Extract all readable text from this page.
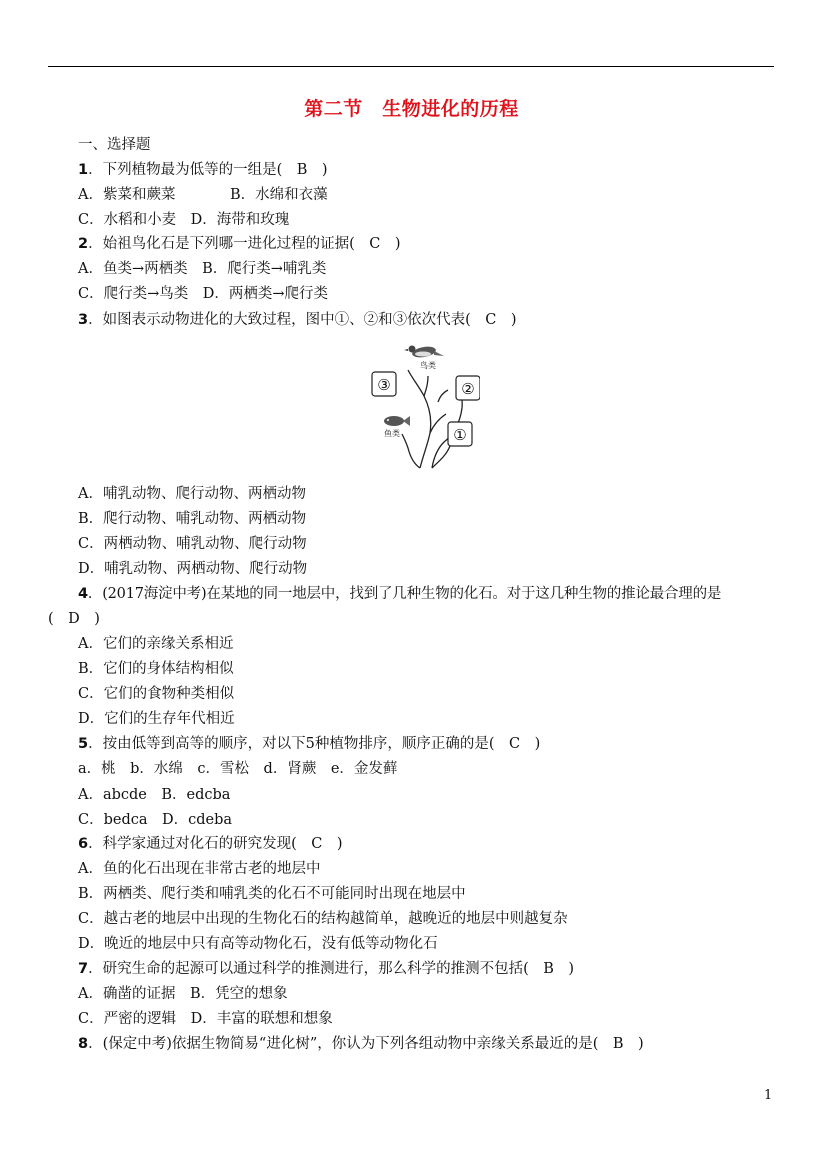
第二节　生物进化的历程
一、选择题
1．下列植物最为低等的一组是(　B　)
A．紫菜和蕨菜	B．水绵和衣藻
C．水稻和小麦　D．海带和玫瑰
2．始祖鸟化石是下列哪一进化过程的证据(　C　)
A．鱼类→两栖类　B．爬行类→哺乳类
C．爬行类→鸟类　D．两栖类→爬行类
3．如图表示动物进化的大致过程，图中①、②和③依次代表(　C　)
鸟类
鱼类
③	②
①
A．哺乳动物、爬行动物、两栖动物
B．爬行动物、哺乳动物、两栖动物
C．两栖动物、哺乳动物、爬行动物
D．哺乳动物、两栖动物、爬行动物
4．(2017海淀中考)在某地的同一地层中，找到了几种生物的化石。对于这几种生物的推论最合理的是
(　D　)
A．它们的亲缘关系相近
B．它们的身体结构相似
C．它们的食物种类相似
D．它们的生存年代相近
5．按由低等到高等的顺序，对以下5种植物排序，顺序正确的是(　C　)
a．桃　b．水绵　c．雪松　d．肾蕨　e．金发藓
A．abcde　B．edcba
C．bedca　D．cdeba
6．科学家通过对化石的研究发现(　C　)
A．鱼的化石出现在非常古老的地层中
B．两栖类、爬行类和哺乳类的化石不可能同时出现在地层中
C．越古老的地层中出现的生物化石的结构越简单，越晚近的地层中则越复杂
D．晚近的地层中只有高等动物化石，没有低等动物化石
7．研究生命的起源可以通过科学的推测进行，那么科学的推测不包括(　B　)
A．确凿的证据　B．凭空的想象
C．严密的逻辑　D．丰富的联想和想象
8．(保定中考)依据生物简易“进化树”，你认为下列各组动物中亲缘关系最近的是(　B　)
1
